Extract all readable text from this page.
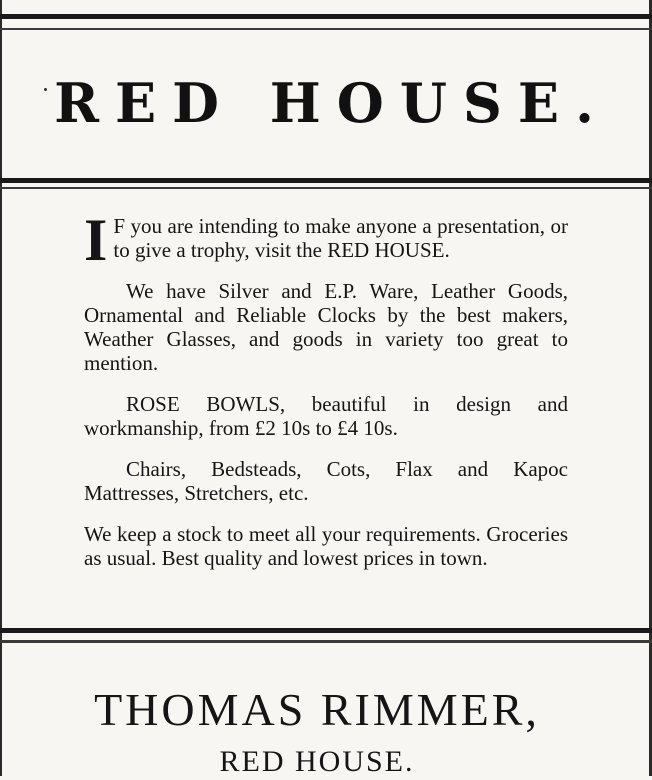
RED HOUSE.

I F you are intending to make anyone a presentation, or to give a trophy, visit the RED HOUSE.

We have Silver and E.P. Ware, Leather Goods, Ornamental and Reliable Clocks by the best makers, Weather Glasses, and goods in variety too great to mention.

ROSE BOWLS, beautiful in design and workmanship, from £2 10s to £4 10s.

Chairs, Bedsteads, Cots, Flax and Kapoc Mattresses, Stretchers, etc.

We keep a stock to meet all your requirements. Groceries as usual. Best quality and lowest prices in town.

THOMAS RIMMER,
RED HOUSE.
